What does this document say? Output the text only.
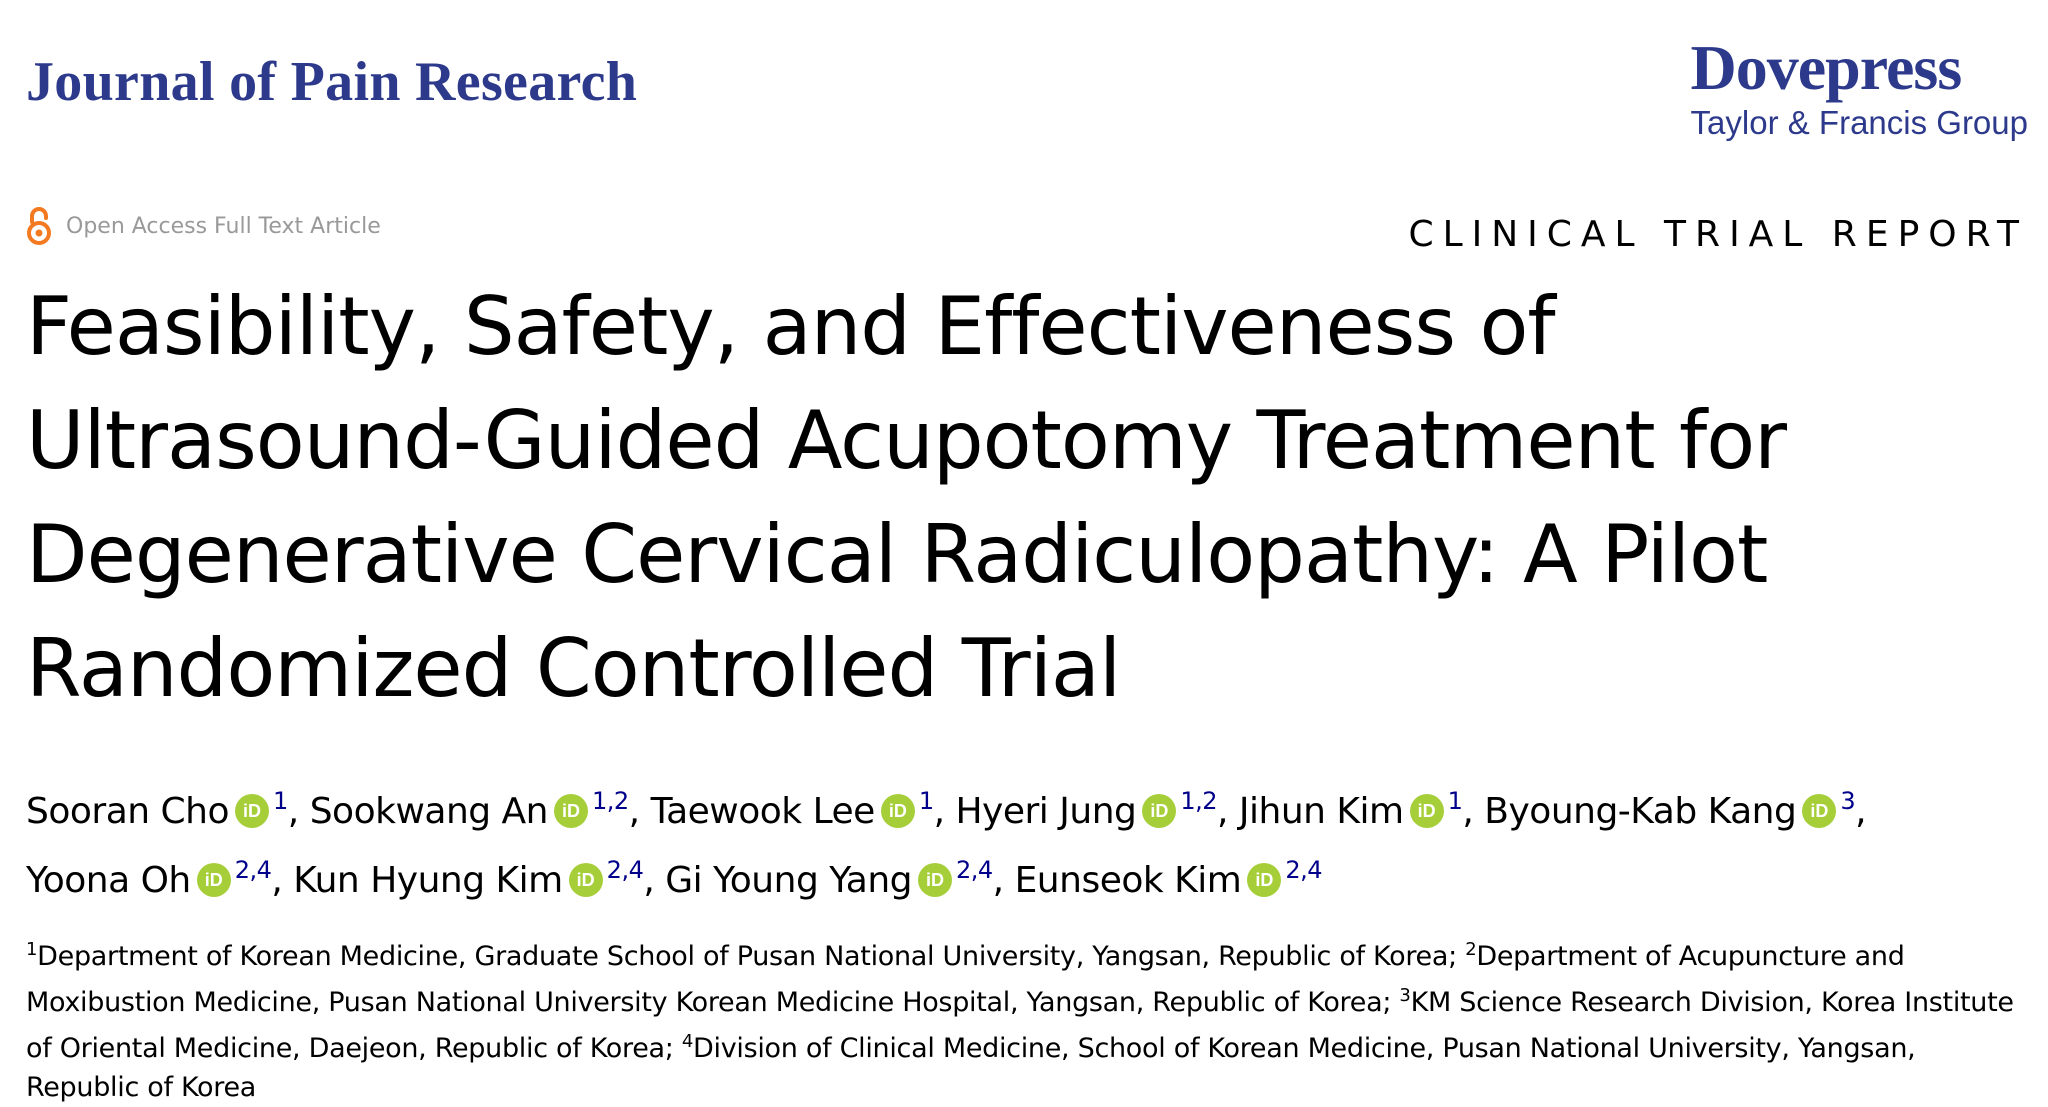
Journal of Pain Research	Dovepress
Taylor & Francis Group
Open Access Full Text Article	CLINICAL TRIAL REPORT
Feasibility, Safety, and Effectiveness of
Ultrasound-Guided Acupotomy Treatment for
Degenerative Cervical Radiculopathy: A Pilot
Randomized Controlled Trial
Sooran Cho iD $^1$, Sookwang An iD $^{1,2}$, Taewook Lee iD $^1$, Hyeri Jung iD $^{1,2}$, Jihun Kim iD $^1$, Byoung-Kab Kang iD $^3$,
Yoona Oh iD $^{2,4}$, Kun Hyung Kim iD $^{2,4}$, Gi Young Yang iD $^{2,4}$, Eunseok Kim iD $^{2,4}$
$^1$Department of Korean Medicine, Graduate School of Pusan National University, Yangsan, Republic of Korea; $^2$Department of Acupuncture and Moxibustion Medicine, Pusan National University Korean Medicine Hospital, Yangsan, Republic of Korea; $^3$KM Science Research Division, Korea Institute of Oriental Medicine, Daejeon, Republic of Korea; $^4$Division of Clinical Medicine, School of Korean Medicine, Pusan National University, Yangsan, Republic of Korea
